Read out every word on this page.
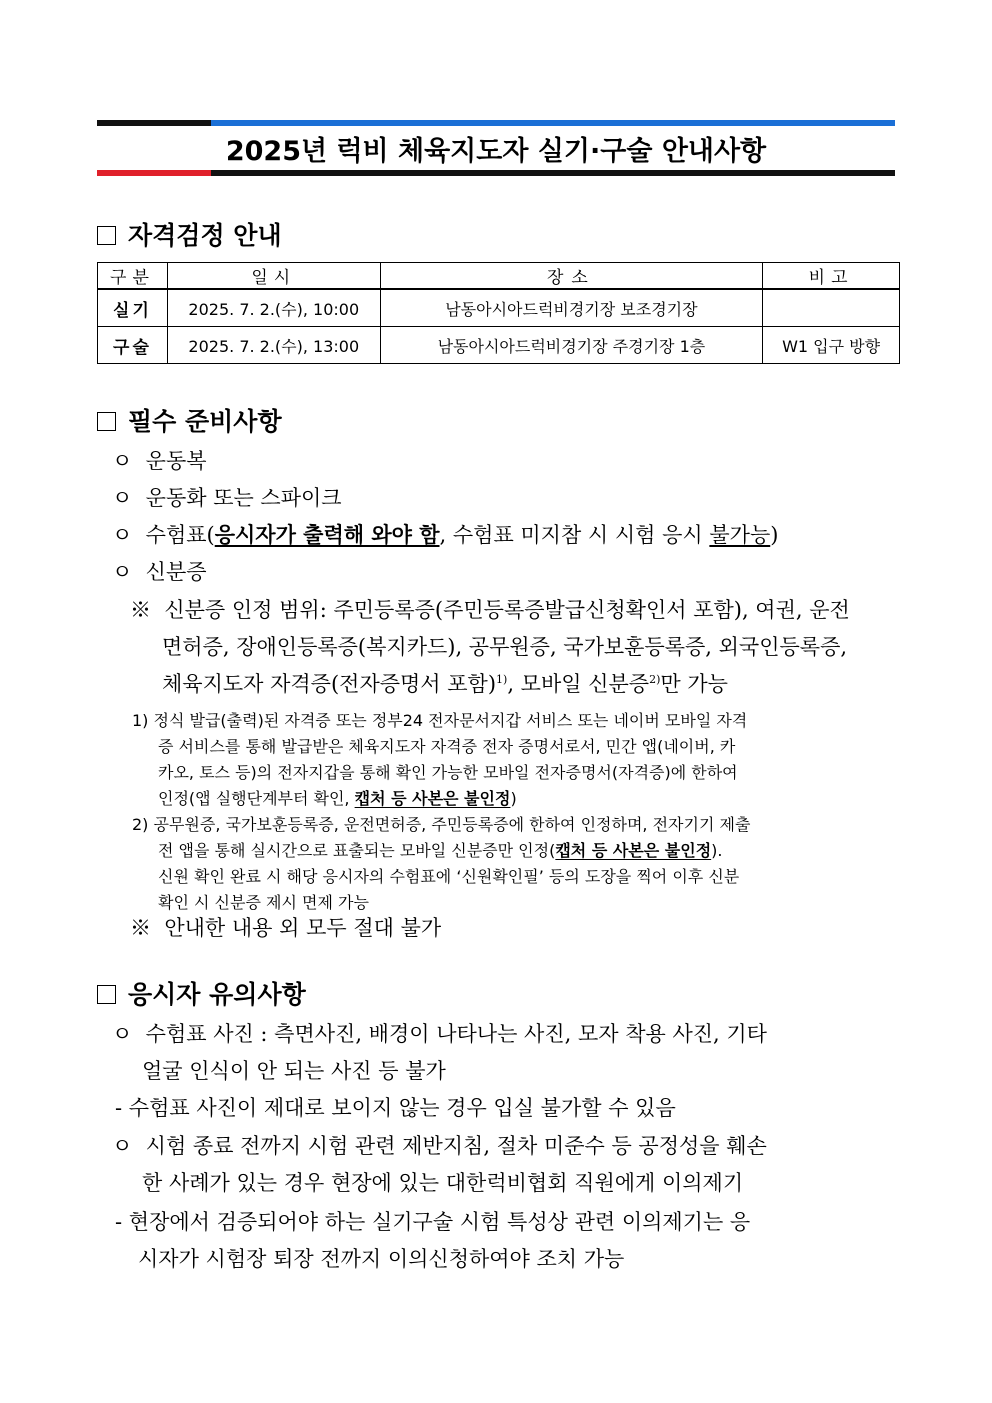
2025년 럭비 체육지도자 실기·구술 안내사항
자격검정 안내
구분	일시	장소	비고
실기	2025. 7. 2.(수), 10:00	남동아시아드럭비경기장 보조경기장	
구술	2025. 7. 2.(수), 13:00	남동아시아드럭비경기장 주경기장 1층	W1 입구 방향
필수 준비사항
ㅇ 운동복
ㅇ 운동화 또는 스파이크
ㅇ 수험표(응시자가 출력해 와야 함, 수험표 미지참 시 시험 응시 불가능)
ㅇ 신분증
※ 신분증 인정 범위: 주민등록증(주민등록증발급신청확인서 포함), 여권, 운전
면허증, 장애인등록증(복지카드), 공무원증, 국가보훈등록증, 외국인등록증,
체육지도자 자격증(전자증명서 포함)$^{1)}$, 모바일 신분증$^{2)}$만 가능
1) 정식 발급(출력)된 자격증 또는 정부24 전자문서지갑 서비스 또는 네이버 모바일 자격
증 서비스를 통해 발급받은 체육지도자 자격증 전자 증명서로서, 민간 앱(네이버, 카
카오, 토스 등)의 전자지갑을 통해 확인 가능한 모바일 전자증명서(자격증)에 한하여
인정(앱 실행단계부터 확인, 캡처 등 사본은 불인정)
2) 공무원증, 국가보훈등록증, 운전면허증, 주민등록증에 한하여 인정하며, 전자기기 제출
전 앱을 통해 실시간으로 표출되는 모바일 신분증만 인정(캡처 등 사본은 불인정).
신원 확인 완료 시 해당 응시자의 수험표에 ‘신원확인필’ 등의 도장을 찍어 이후 신분
확인 시 신분증 제시 면제 가능
※ 안내한 내용 외 모두 절대 불가
응시자 유의사항
ㅇ 수험표 사진 : 측면사진, 배경이 나타나는 사진, 모자 착용 사진, 기타
얼굴 인식이 안 되는 사진 등 불가
- 수험표 사진이 제대로 보이지 않는 경우 입실 불가할 수 있음
ㅇ 시험 종료 전까지 시험 관련 제반지침, 절차 미준수 등 공정성을 훼손
한 사례가 있는 경우 현장에 있는 대한럭비협회 직원에게 이의제기
- 현장에서 검증되어야 하는 실기구술 시험 특성상 관련 이의제기는 응
시자가 시험장 퇴장 전까지 이의신청하여야 조치 가능
